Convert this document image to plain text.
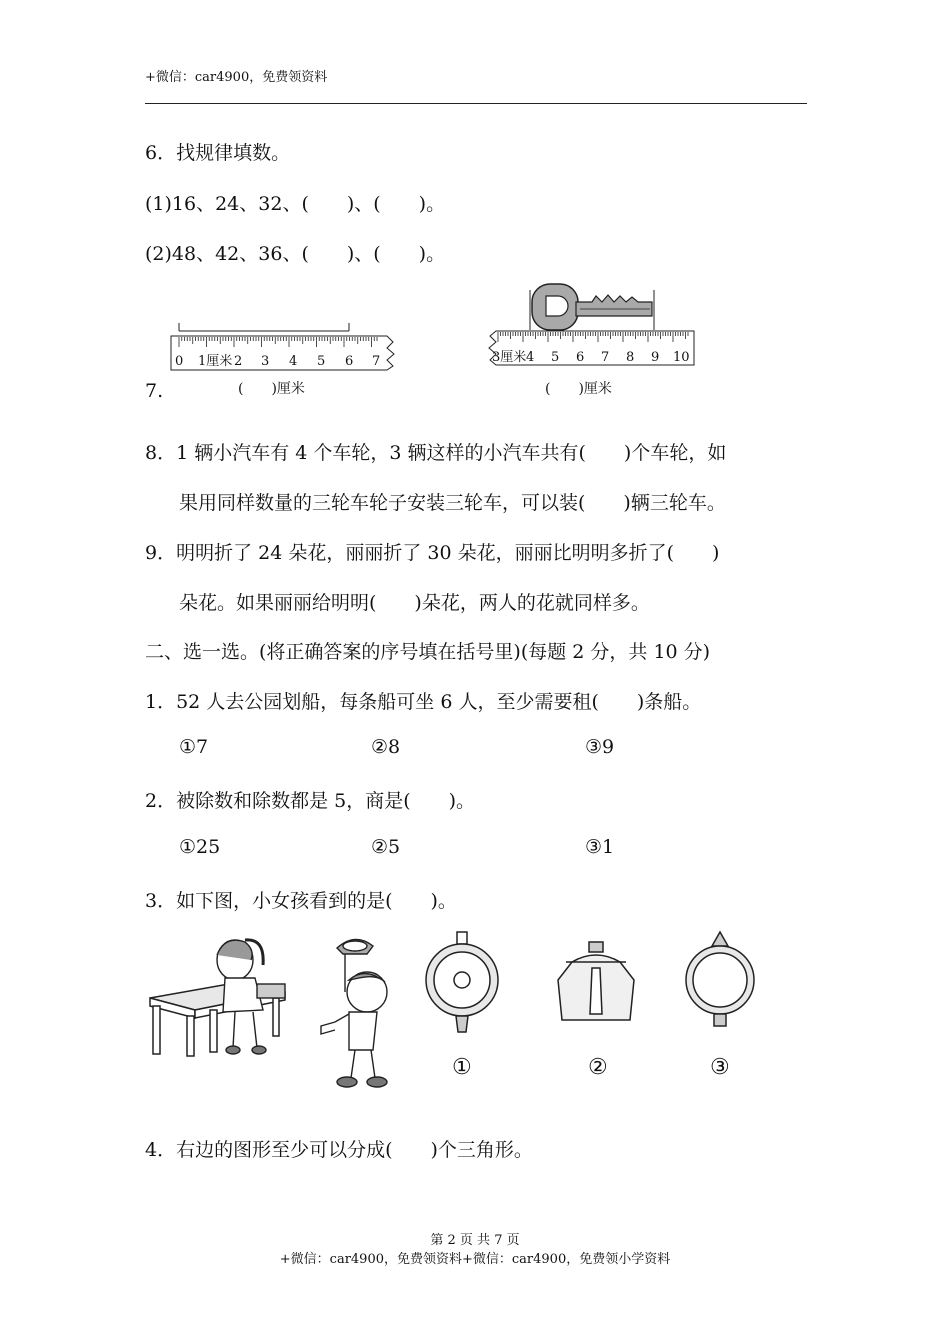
+微信：car4900，免费领资料
6．找规律填数。
(1)16、24、32、(　　)、(　　)。
(2)48、42、36、(　　)、(　　)。
7.
0 1厘米 2 3 4 5 6 7
(　　)厘米
3厘米 4 5 6 7 8 9 10
(　　)厘米
8．1 辆小汽车有 4 个车轮，3 辆这样的小汽车共有(　　)个车轮，如
果用同样数量的三轮车轮子安装三轮车，可以装(　　)辆三轮车。
9．明明折了 24 朵花，丽丽折了 30 朵花，丽丽比明明多折了(　　)
朵花。如果丽丽给明明(　　)朵花，两人的花就同样多。
二、选一选。(将正确答案的序号填在括号里)(每题 2 分，共 10 分)
1．52 人去公园划船，每条船可坐 6 人，至少需要租(　　)条船。
①7	②8	③9
2．被除数和除数都是 5，商是(　　)。
①25	②5	③1
3．如下图，小女孩看到的是(　　)。
①	②	③
4．右边的图形至少可以分成(　　)个三角形。
第 2 页 共 7 页
+微信：car4900，免费领资料+微信：car4900，免费领小学资料
